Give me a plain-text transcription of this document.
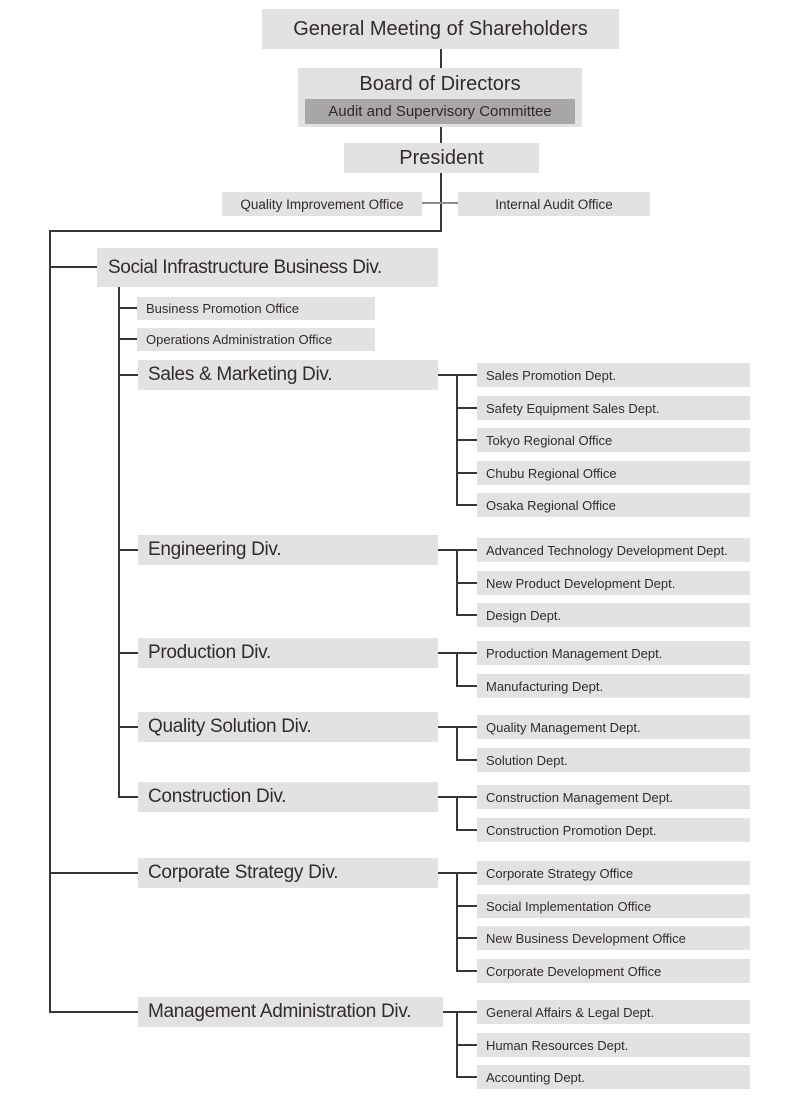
General Meeting of Shareholders
Board of Directors
Audit and Supervisory Committee
President
Quality Improvement Office	Internal Audit Office
Social Infrastructure Business Div.
Business Promotion Office
Operations Administration Office
Sales & Marketing Div.	Sales Promotion Dept.
Safety Equipment Sales Dept.
Tokyo Regional Office
Chubu Regional Office
Osaka Regional Office
Engineering Div.	Advanced Technology Development Dept.
New Product Development Dept.
Design Dept.
Production Div.	Production Management Dept.
Manufacturing Dept.
Quality Solution Div.	Quality Management Dept.
Solution Dept.
Construction Div.	Construction Management Dept.
Construction Promotion Dept.
Corporate Strategy Div.	Corporate Strategy Office
Social Implementation Office
New Business Development Office
Corporate Development Office
Management Administration Div.	General Affairs & Legal Dept.
Human Resources Dept.
Accounting Dept.
